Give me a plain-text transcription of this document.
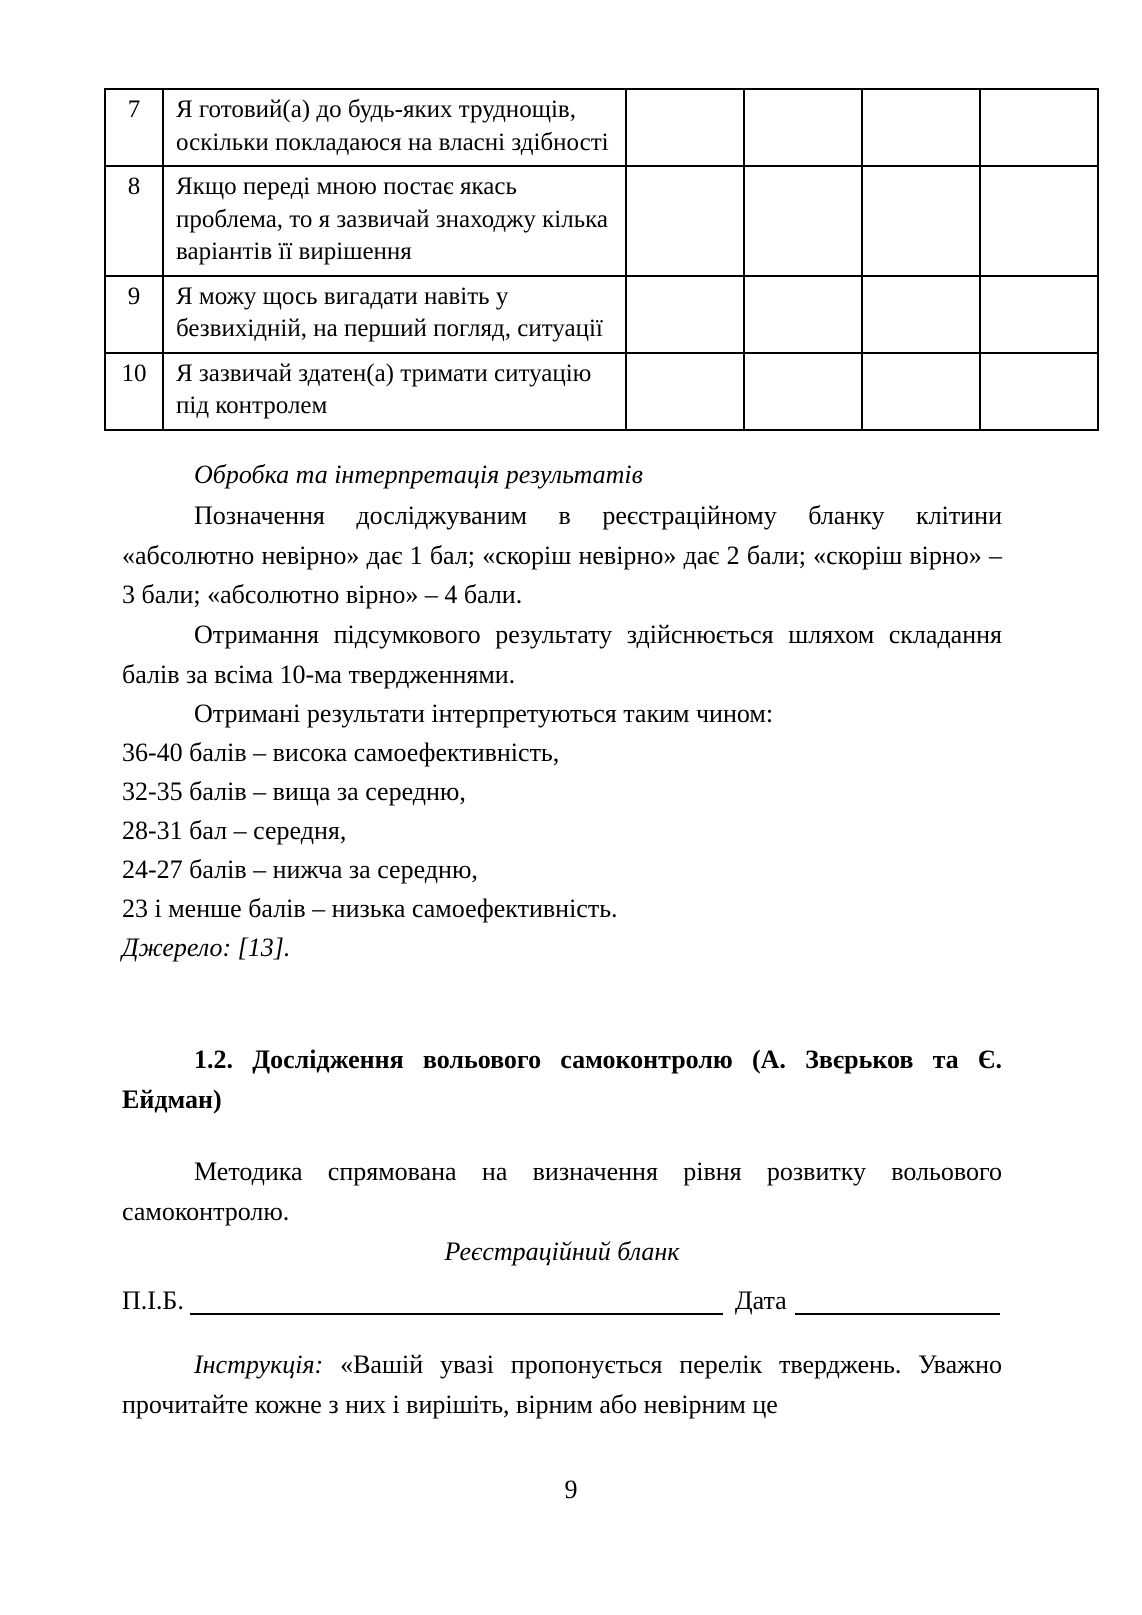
7	Я готовий(а) до будь-яких труднощів, оскільки покладаюся на власні здібності				
8	Якщо переді мною постає якась проблема, то я зазвичай знаходжу кілька варіантів її вирішення				
9	Я можу щось вигадати навіть у безвихідній, на перший погляд, ситуації				
10	Я зазвичай здатен(а) тримати ситуацію під контролем				
Обробка та інтерпретація результатів
Позначення досліджуваним в реєстраційному бланку клітини «абсолютно невірно» дає 1 бал; «скоріш невірно» дає 2 бали; «скоріш вірно» – 3 бали; «абсолютно вірно» – 4 бали.
Отримання підсумкового результату здійснюється шляхом складання балів за всіма 10-ма твердженнями.
Отримані результати інтерпретуються таким чином:
36-40 балів – висока самоефективність,
32-35 балів – вища за середню,
28-31 бал – середня,
24-27 балів – нижча за середню,
23 і менше балів – низька самоефективність.
Джерело: [13].
1.2. Дослідження вольового самоконтролю (А. Звєрьков та Є. Ейдман)
Методика спрямована на визначення рівня розвитку вольового самоконтролю.
Реєстраційний бланк
П.І.Б.	Дата
Інструкція: «Вашій увазі пропонується перелік тверджень. Уважно прочитайте кожне з них і вирішіть, вірним або невірним це
9
